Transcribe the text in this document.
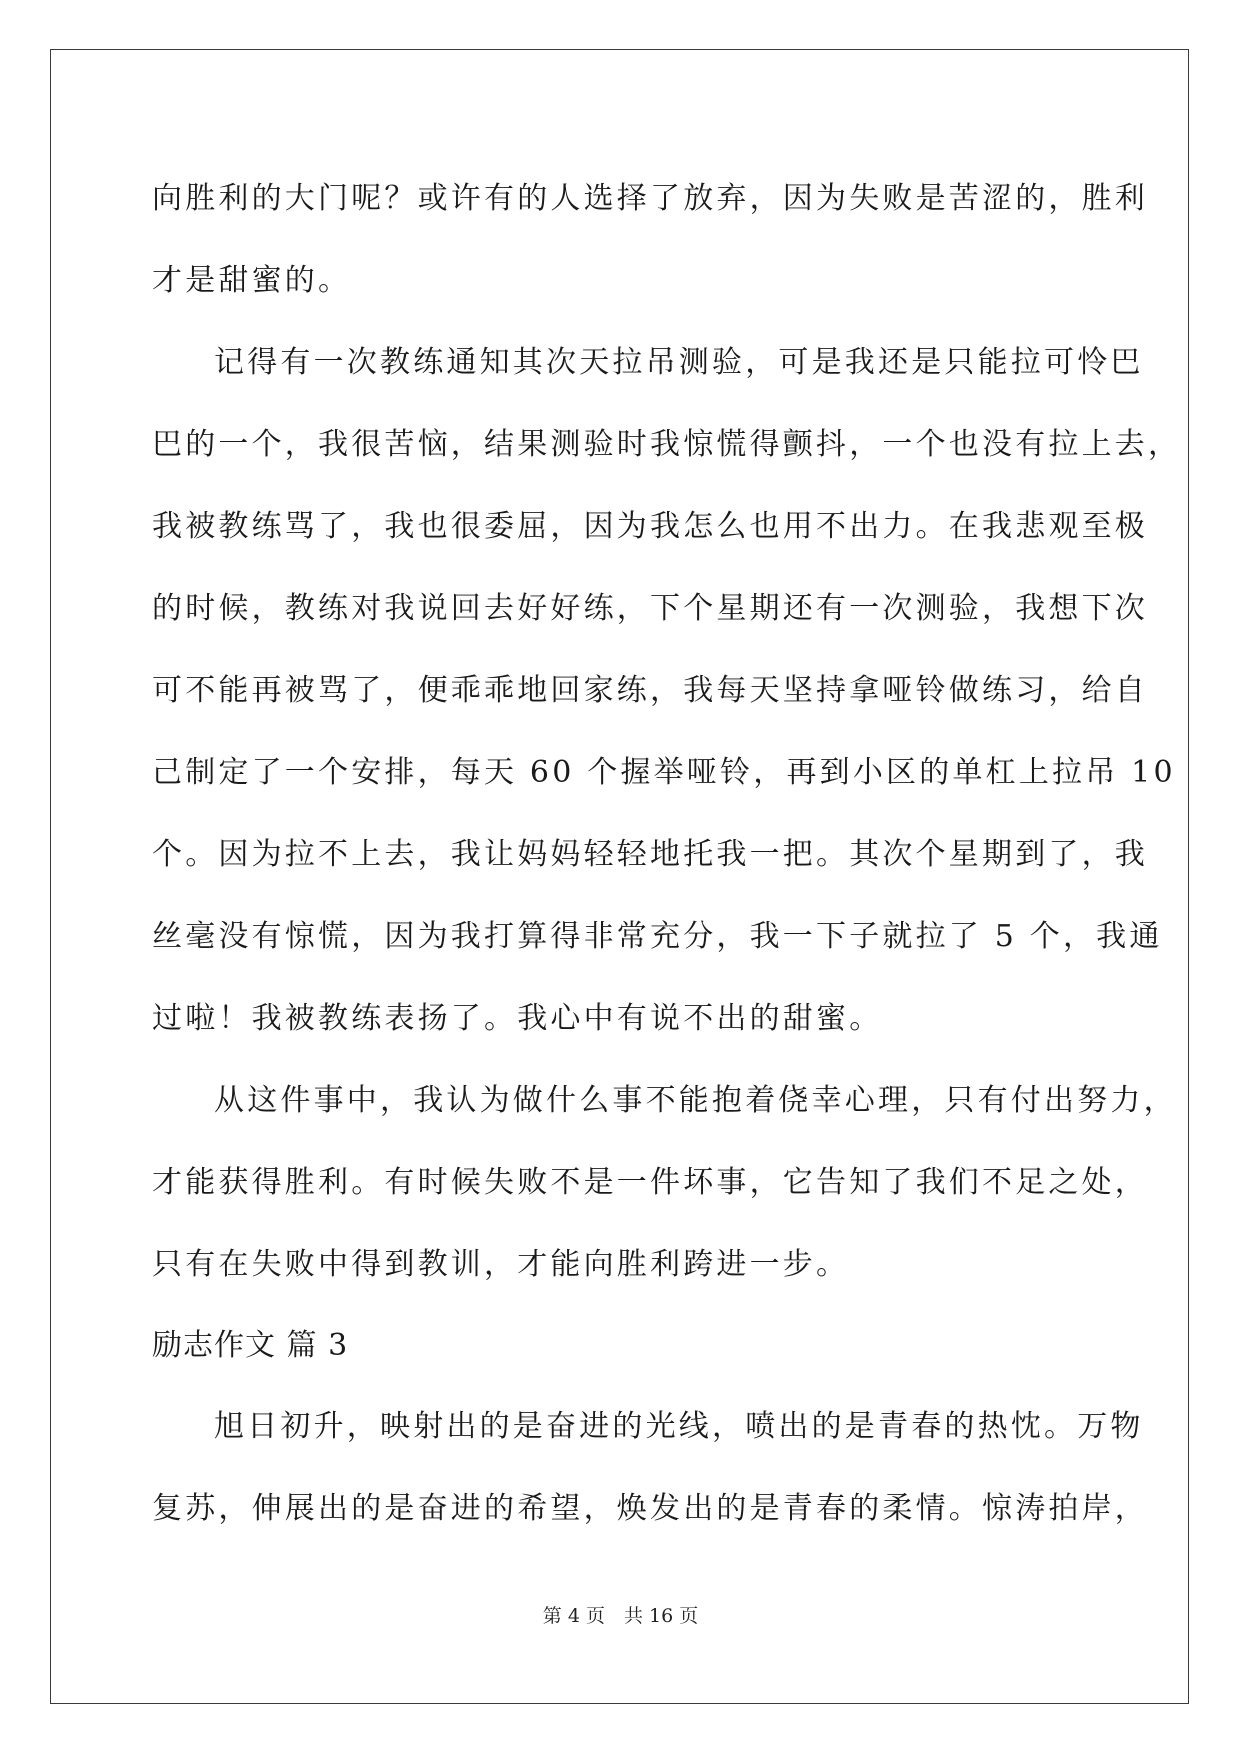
向胜利的大门呢？或许有的人选择了放弃，因为失败是苦涩的，胜利
才是甜蜜的。
记得有一次教练通知其次天拉吊测验，可是我还是只能拉可怜巴
巴的一个，我很苦恼，结果测验时我惊慌得颤抖，一个也没有拉上去，
我被教练骂了，我也很委屈，因为我怎么也用不出力。在我悲观至极
的时候，教练对我说回去好好练，下个星期还有一次测验，我想下次
可不能再被骂了，便乖乖地回家练，我每天坚持拿哑铃做练习，给自
己制定了一个安排，每天 60 个握举哑铃，再到小区的单杠上拉吊 10
个。因为拉不上去，我让妈妈轻轻地托我一把。其次个星期到了，我
丝毫没有惊慌，因为我打算得非常充分，我一下子就拉了 5 个，我通
过啦！我被教练表扬了。我心中有说不出的甜蜜。
从这件事中，我认为做什么事不能抱着侥幸心理，只有付出努力，
才能获得胜利。有时候失败不是一件坏事，它告知了我们不足之处，
只有在失败中得到教训，才能向胜利跨进一步。
励志作文 篇 3
旭日初升，映射出的是奋进的光线，喷出的是青春的热忱。万物
复苏，伸展出的是奋进的希望，焕发出的是青春的柔情。惊涛拍岸，
第 4 页　共 16 页
